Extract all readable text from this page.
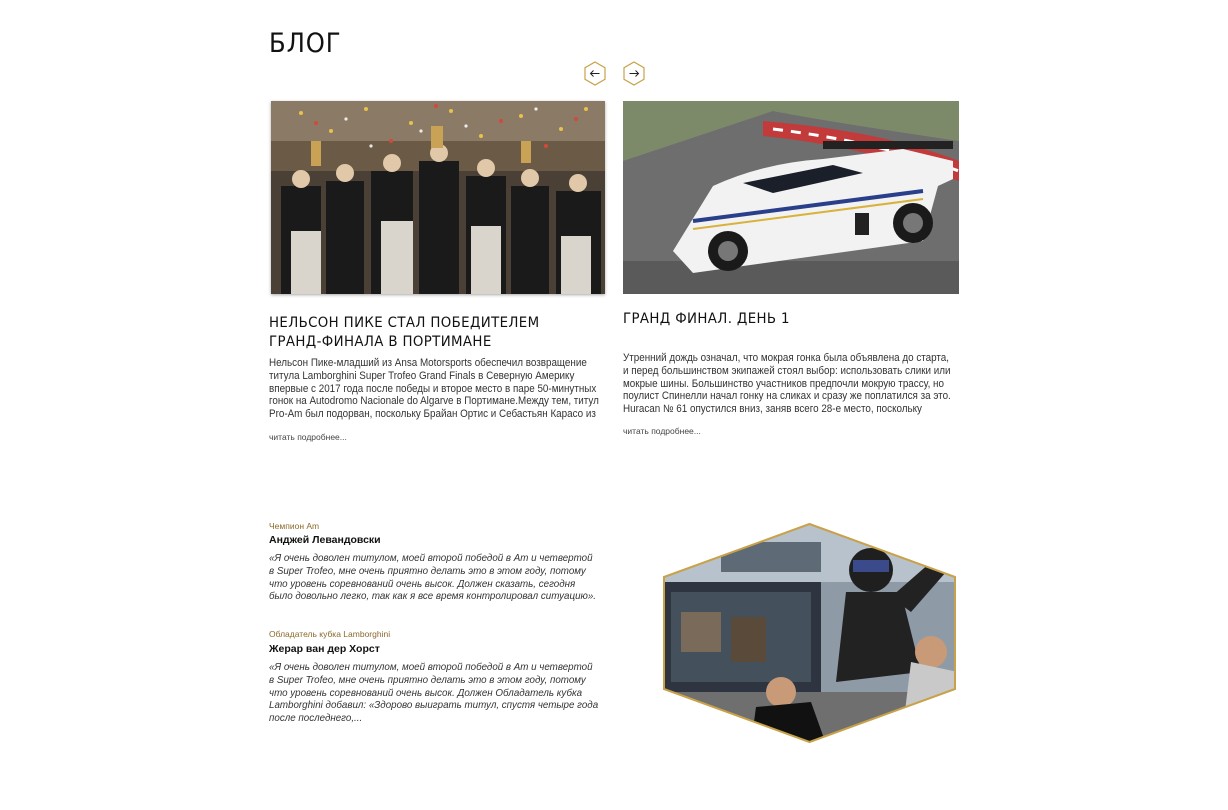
БЛОГ
НЕЛЬСОН ПИКЕ СТАЛ ПОБЕДИТЕЛЕМ ГРАНД-ФИНАЛА В ПОРТИМАНЕ
Нельсон Пике-младший из Ansa Motorsports обеспечил возвращение титула Lamborghini Super Trofeo Grand Finals в Северную Америку впервые с 2017 года после победы и второе место в паре 50-минутных гонок на Autodromo Nacionale do Algarve в Портимане.Между тем, титул Pro-Am был подорван, поскольку Брайан Ортис и Себастьян Карасо из
читать подробнее...
ГРАНД ФИНАЛ. ДЕНЬ 1
Утренний дождь означал, что мокрая гонка была объявлена до старта, и перед большинством экипажей стоял выбор: использовать слики или мокрые шины. Большинство участников предпочли мокрую трассу, но поулист Спинелли начал гонку на сликах и сразу же поплатился за это. Huracan № 61 опустился вниз, заняв всего 28-е место, поскольку
читать подробнее...
Чемпион Am
Анджей Левандовски
«Я очень доволен титулом, моей второй победой в Am и четвертой в Super Trofeo, мне очень приятно делать это в этом году, потому что уровень соревнований очень высок. Должен сказать, сегодня было довольно легко, так как я все время контролировал ситуацию».
Обладатель кубка Lamborghini
Жерар ван дер Хорст
«Я очень доволен титулом, моей второй победой в Am и четвертой в Super Trofeo, мне очень приятно делать это в этом году, потому что уровень соревнований очень высок. Должен Обладатель кубка Lamborghini добавил: «Здорово выиграть титул, спустя четыре года после последнего,...
